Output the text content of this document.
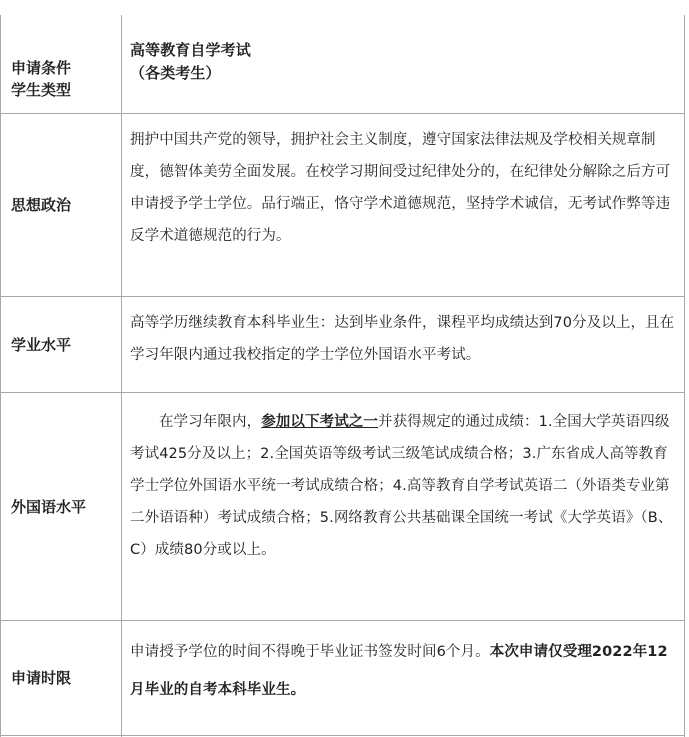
申请条件
学生类型
高等教育自学考试
（各类考生）
思想政治
拥护中国共产党的领导，拥护社会主义制度，遵守国家法律法规及学校相关规章制度，德智体美劳全面发展。在校学习期间受过纪律处分的，在纪律处分解除之后方可申请授予学士学位。品行端正，恪守学术道德规范，坚持学术诚信，无考试作弊等违反学术道德规范的行为。
学业水平
高等学历继续教育本科毕业生：达到毕业条件，课程平均成绩达到70分及以上，且在学习年限内通过我校指定的学士学位外国语水平考试。
外国语水平
在学习年限内，参加以下考试之一并获得规定的通过成绩：1.全国大学英语四级考试425分及以上；2.全国英语等级考试三级笔试成绩合格；3.广东省成人高等教育学士学位外国语水平统一考试成绩合格；4.高等教育自学考试英语二（外语类专业第二外语语种）考试成绩合格；5.网络教育公共基础课全国统一考试《大学英语》（B、C）成绩80分或以上。
申请时限
申请授予学位的时间不得晚于毕业证书签发时间6个月。本次申请仅受理2022年12月毕业的自考本科毕业生。
